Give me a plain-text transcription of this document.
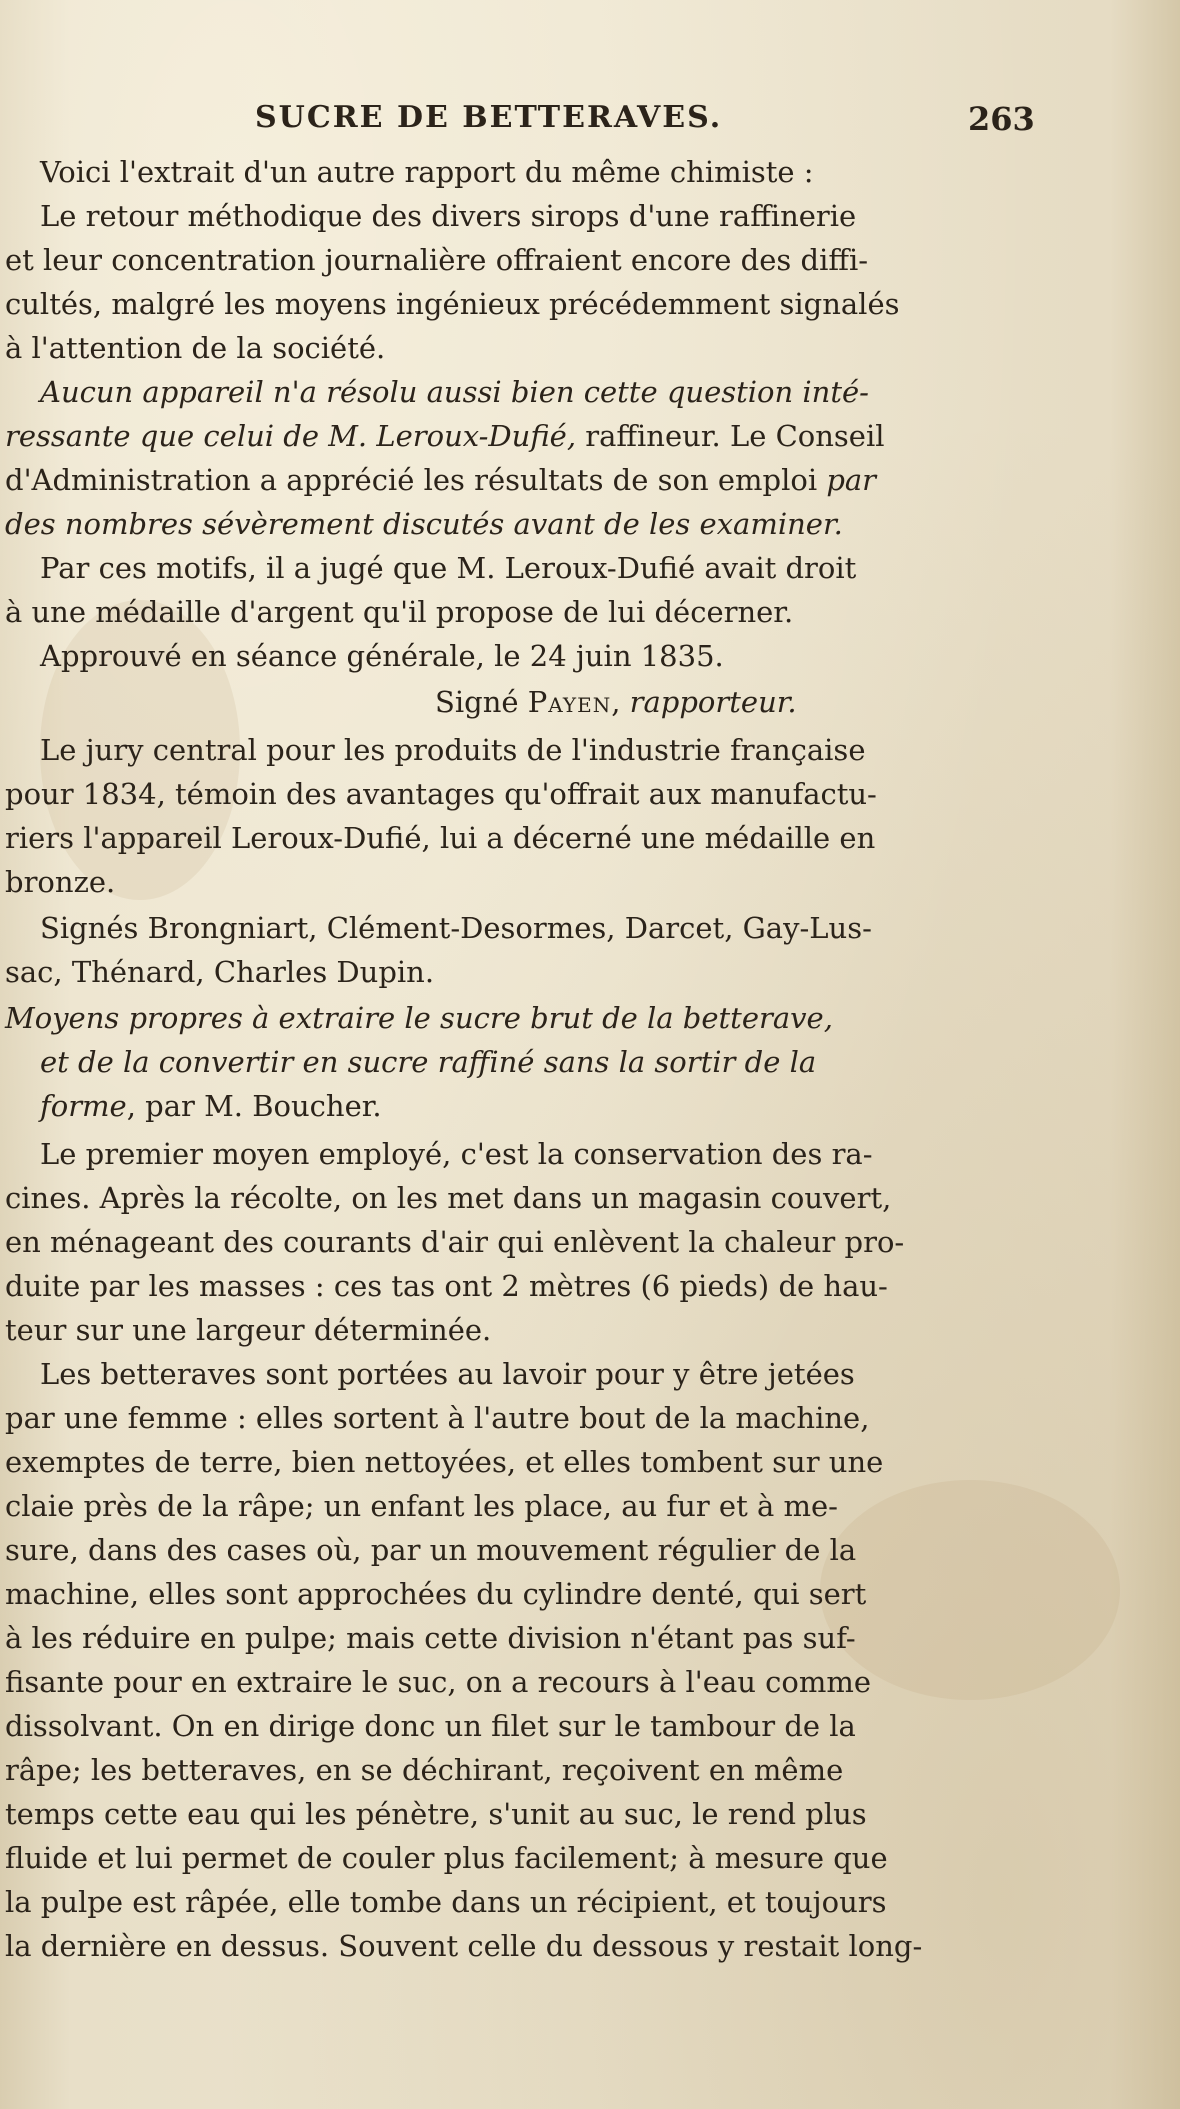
SUCRE DE BETTERAVES.	263
Voici l'extrait d'un autre rapport du même chimiste :
Le retour méthodique des divers sirops d'une raffinerie
et leur concentration journalière offraient encore des diffi-
cultés, malgré les moyens ingénieux précédemment signalés
à l'attention de la société.
Aucun appareil n'a résolu aussi bien cette question inté-
ressante que celui de M. Leroux-Dufié, raffineur. Le Conseil
d'Administration a apprécié les résultats de son emploi par
des nombres sévèrement discutés avant de les examiner.
Par ces motifs, il a jugé que M. Leroux-Dufié avait droit
à une médaille d'argent qu'il propose de lui décerner.
Approuvé en séance générale, le 24 juin 1835.
Signé Payen, rapporteur.
Le jury central pour les produits de l'industrie française
pour 1834, témoin des avantages qu'offrait aux manufactu-
riers l'appareil Leroux-Dufié, lui a décerné une médaille en
bronze.
Signés Brongniart, Clément-Desormes, Darcet, Gay-Lus-
sac, Thénard, Charles Dupin.
Moyens propres à extraire le sucre brut de la betterave,
et de la convertir en sucre raffiné sans la sortir de la
forme, par M. Boucher.
Le premier moyen employé, c'est la conservation des ra-
cines. Après la récolte, on les met dans un magasin couvert,
en ménageant des courants d'air qui enlèvent la chaleur pro-
duite par les masses : ces tas ont 2 mètres (6 pieds) de hau-
teur sur une largeur déterminée.
Les betteraves sont portées au lavoir pour y être jetées
par une femme : elles sortent à l'autre bout de la machine,
exemptes de terre, bien nettoyées, et elles tombent sur une
claie près de la râpe; un enfant les place, au fur et à me-
sure, dans des cases où, par un mouvement régulier de la
machine, elles sont approchées du cylindre denté, qui sert
à les réduire en pulpe; mais cette division n'étant pas suf-
fisante pour en extraire le suc, on a recours à l'eau comme
dissolvant. On en dirige donc un filet sur le tambour de la
râpe; les betteraves, en se déchirant, reçoivent en même
temps cette eau qui les pénètre, s'unit au suc, le rend plus
fluide et lui permet de couler plus facilement; à mesure que
la pulpe est râpée, elle tombe dans un récipient, et toujours
la dernière en dessus. Souvent celle du dessous y restait long-
